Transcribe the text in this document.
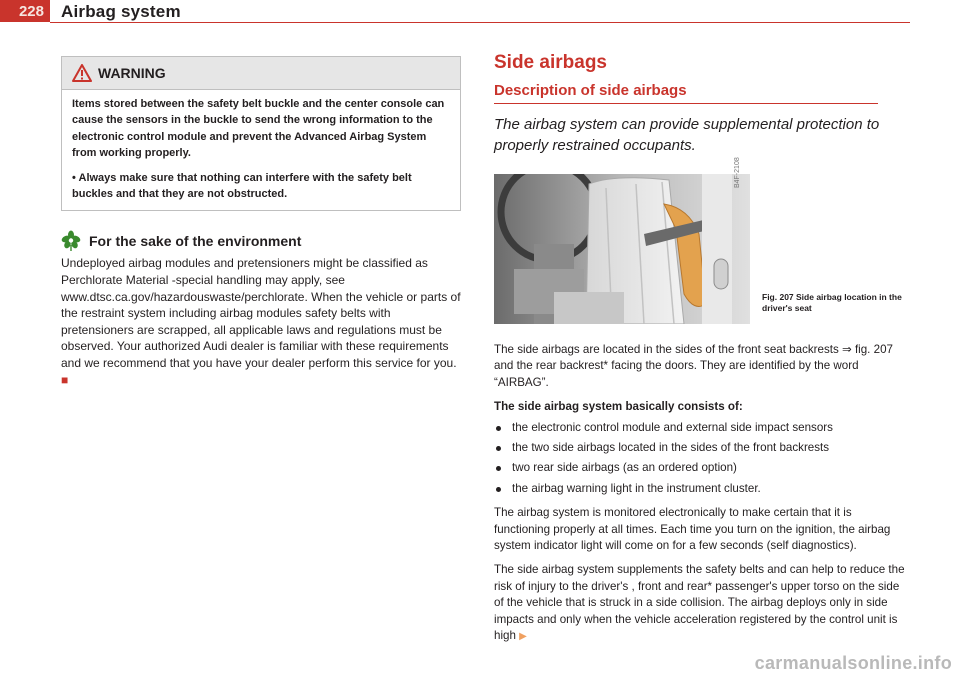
228	Airbag system
WARNING

Items stored between the safety belt buckle and the center console can cause the sensors in the buckle to send the wrong information to the electronic control module and prevent the Advanced Airbag System from working properly.

• Always make sure that nothing can interfere with the safety belt buckles and that they are not obstructed.

For the sake of the environment
Undeployed airbag modules and pretensioners might be classified as Perchlorate Material -special handling may apply, see www.dtsc.ca.gov/hazardouswaste/perchlorate. When the vehicle or parts of the restraint system including airbag modules safety belts with pretensioners are scrapped, all applicable laws and regulations must be observed. Your authorized Audi dealer is familiar with these requirements and we recommend that you have your dealer perform this service for you. ■
Side airbags
Description of side airbags
The airbag system can provide supplemental protection to properly restrained occupants.
Fig. 207 Side airbag location in the driver's seat
B4F-2108

The side airbags are located in the sides of the front seat backrests ⇒ fig. 207 and the rear backrest* facing the doors. They are identified by the word “AIRBAG”.

The side airbag system basically consists of:

the electronic control module and external side impact sensors
the two side airbags located in the sides of the front backrests
two rear side airbags (as an ordered option)
the airbag warning light in the instrument cluster.

The airbag system is monitored electronically to make certain that it is functioning properly at all times. Each time you turn on the ignition, the airbag system indicator light will come on for a few seconds (self diagnostics).

The side airbag system supplements the safety belts and can help to reduce the risk of injury to the driver's , front and rear* passenger's upper torso on the side of the vehicle that is struck in a side collision. The airbag deploys only in side impacts and only when the vehicle acceleration registered by the control unit is high ▶

carmanualsonline.info
